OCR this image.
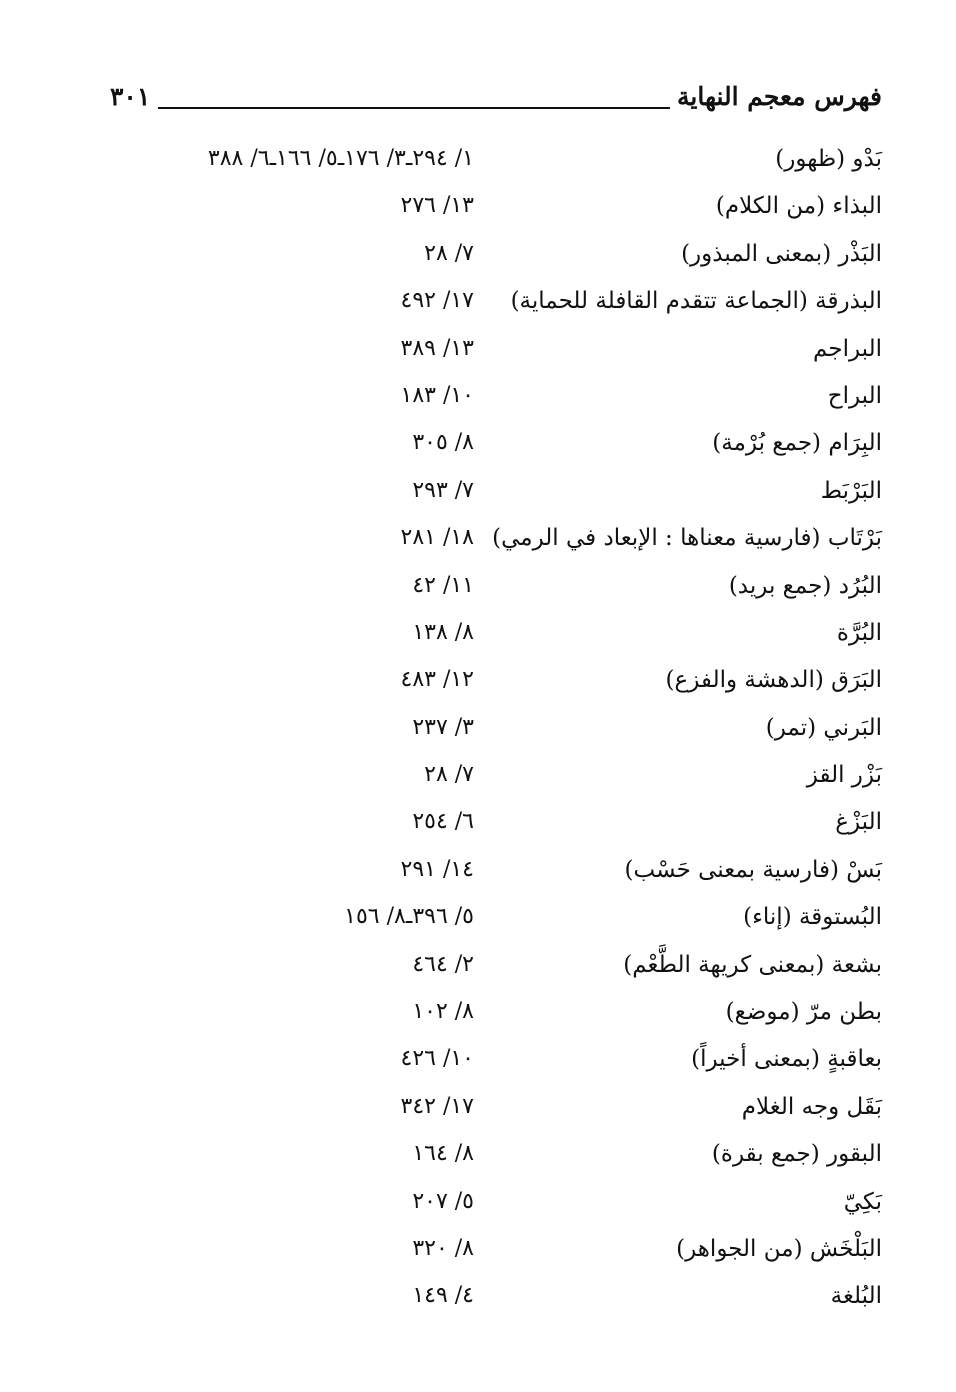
فهرس معجم النهاية
٣٠١
بَدْو (ظهور)
١/ ٢٩٤ـ٣/ ١٧٦ـ٥/ ١٦٦ـ٦/ ٣٨٨
البذاء (من الكلام)
١٣/ ٢٧٦
البَذْر (بمعنى المبذور)
٧/ ٢٨
البذرقة (الجماعة تتقدم القافلة للحماية)
١٧/ ٤٩٢
البراجم
١٣/ ٣٨٩
البراح
١٠/ ١٨٣
البِرَام (جمع بُرْمة)
٨/ ٣٠٥
البَرْبَط
٧/ ٢٩٣
بَرْتَاب (فارسية معناها : الإبعاد في الرمي)
١٨/ ٢٨١
البُرُد (جمع بريد)
١١/ ٤٢
البُرَّة
٨/ ١٣٨
البَرَق (الدهشة والفزع)
١٢/ ٤٨٣
البَرني (تمر)
٣/ ٢٣٧
بَزْر القز
٧/ ٢٨
البَزْغ
٦/ ٢٥٤
بَسْ (فارسية بمعنى حَسْب)
١٤/ ٢٩١
البُستوقة (إناء)
٥/ ٣٩٦ـ٨/ ١٥٦
بشعة (بمعنى كريهة الطَّعْم)
٢/ ٤٦٤
بطن مرّ (موضع)
٨/ ١٠٢
بعاقبةٍ (بمعنى أخيراً)
١٠/ ٤٢٦
بَقَل وجه الغلام
١٧/ ٣٤٢
البقور (جمع بقرة)
٨/ ١٦٤
بَكِيّ
٥/ ٢٠٧
البَلْخَش (من الجواهر)
٨/ ٣٢٠
البُلغة
٤/ ١٤٩
